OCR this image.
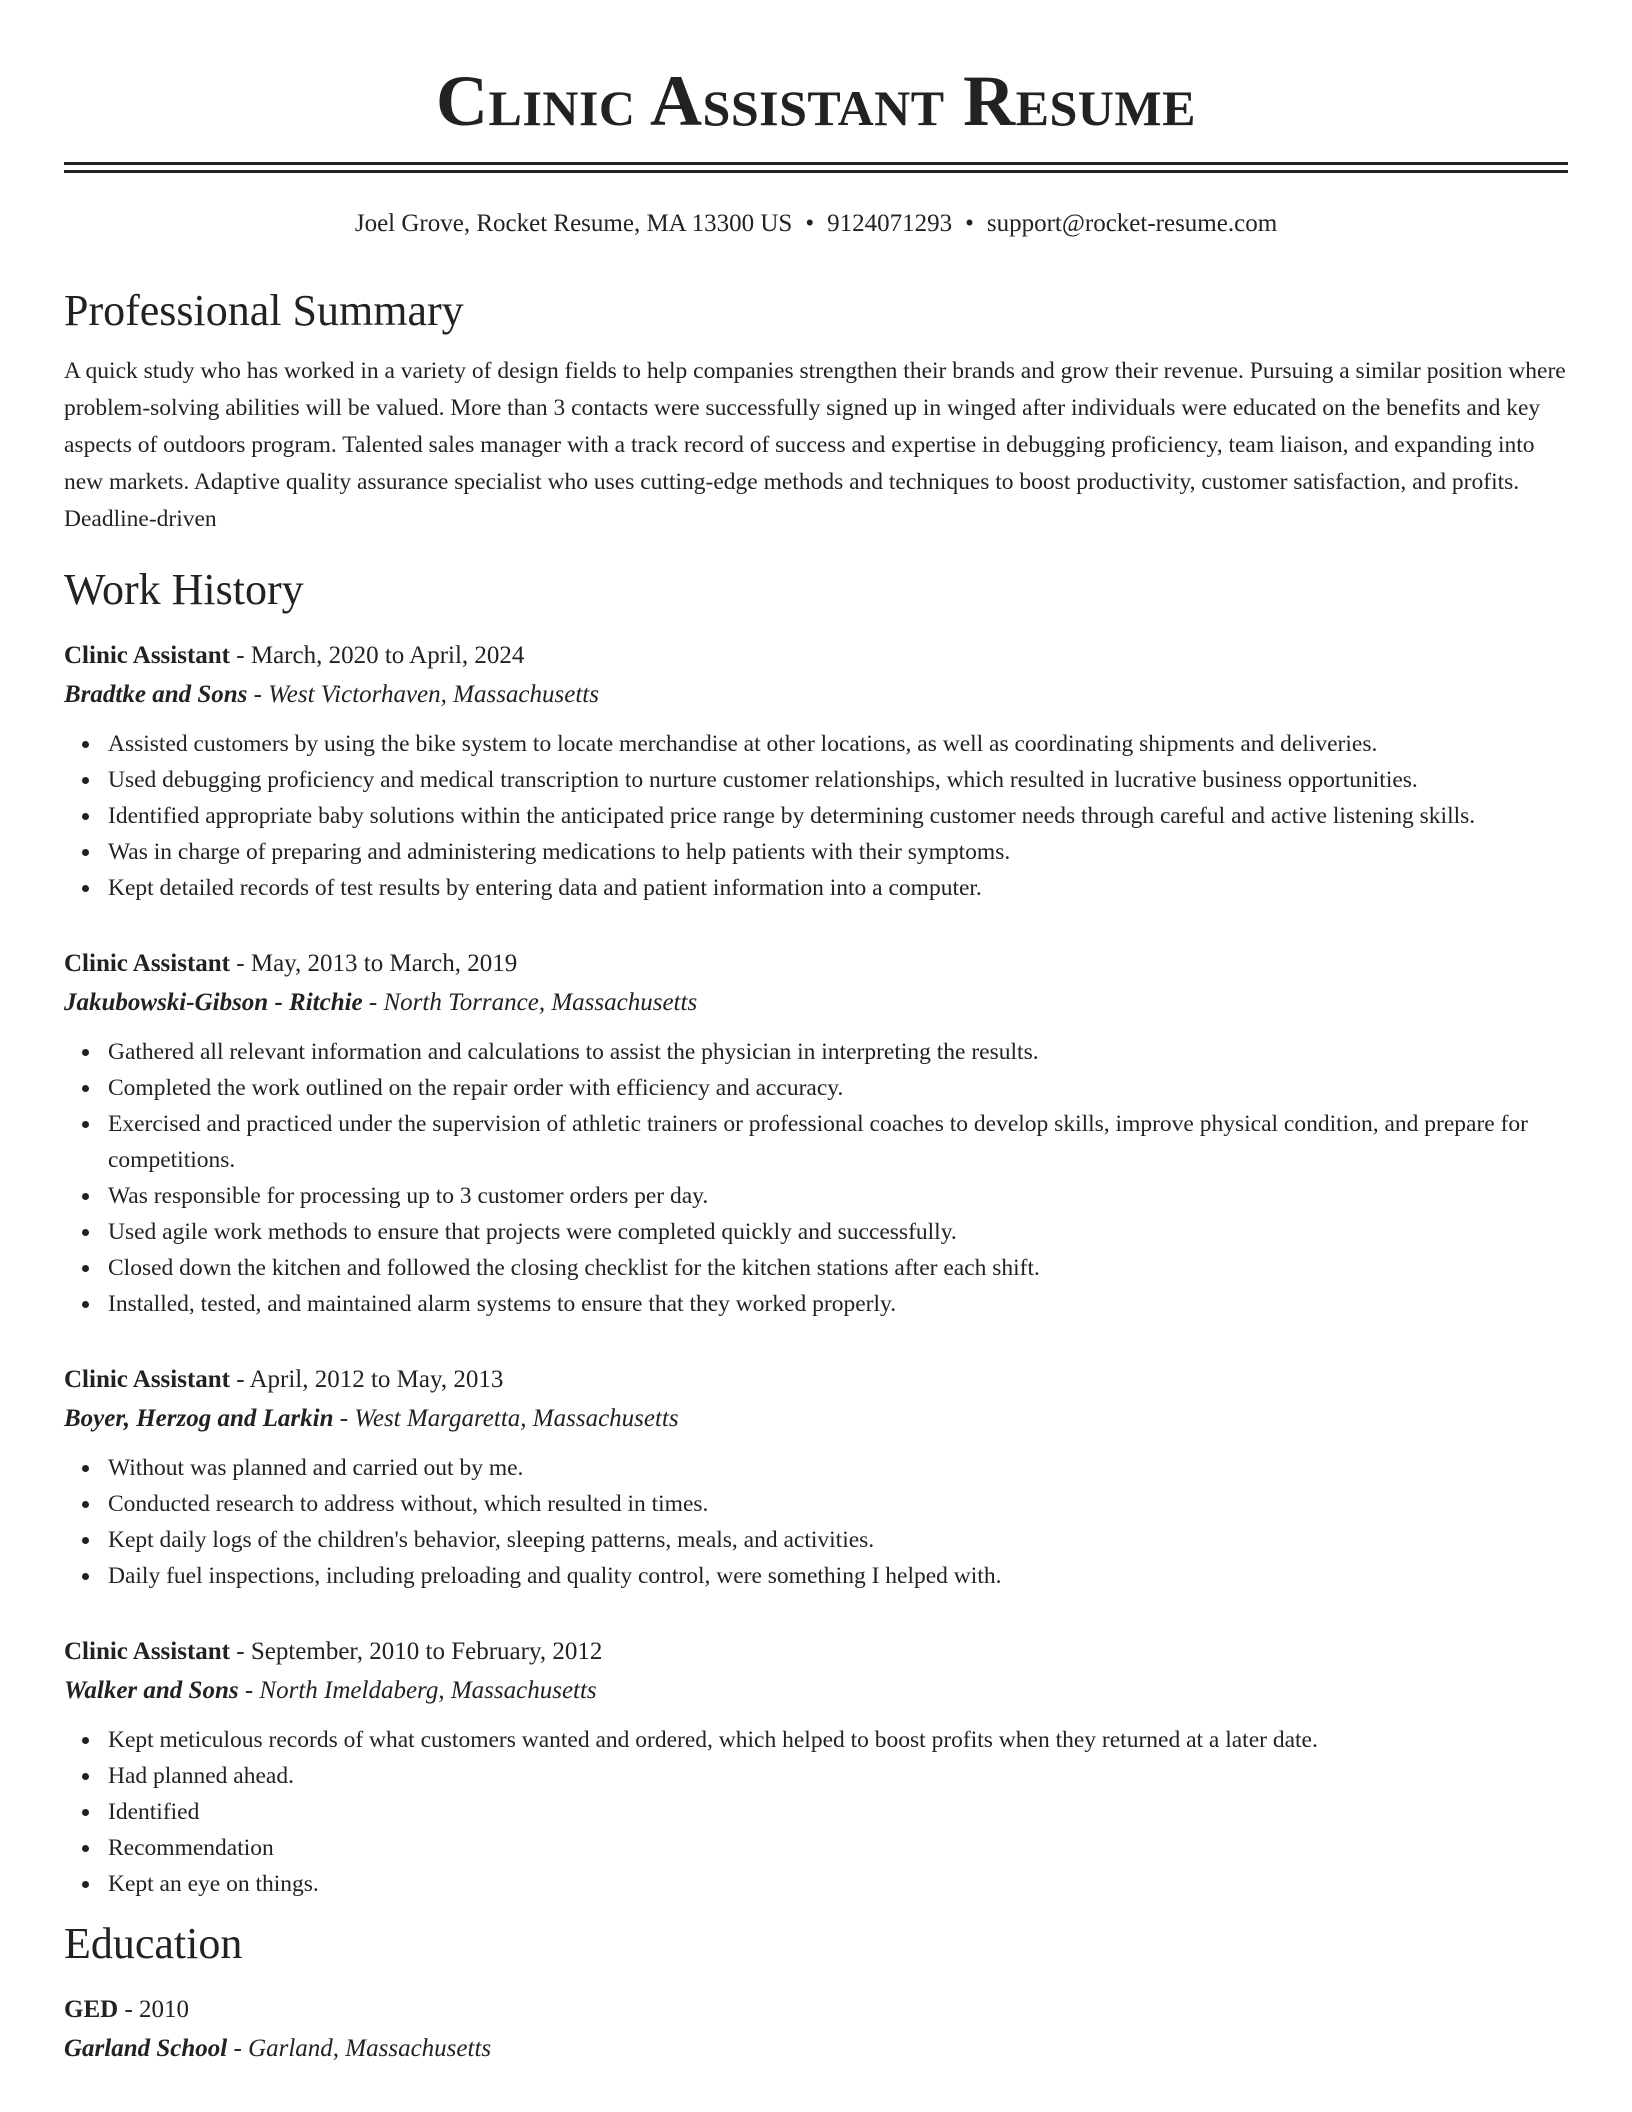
Clinic Assistant Resume
Joel Grove, Rocket Resume, MA 13300 US • 9124071293 • support@rocket-resume.com
Professional Summary
A quick study who has worked in a variety of design fields to help companies strengthen their brands and grow their revenue. Pursuing a similar position where problem-solving abilities will be valued. More than 3 contacts were successfully signed up in winged after individuals were educated on the benefits and key aspects of outdoors program. Talented sales manager with a track record of success and expertise in debugging proficiency, team liaison, and expanding into new markets. Adaptive quality assurance specialist who uses cutting-edge methods and techniques to boost productivity, customer satisfaction, and profits. Deadline-driven
Work History
Clinic Assistant - March, 2020 to April, 2024
Bradtke and Sons - West Victorhaven, Massachusetts
Assisted customers by using the bike system to locate merchandise at other locations, as well as coordinating shipments and deliveries.
Used debugging proficiency and medical transcription to nurture customer relationships, which resulted in lucrative business opportunities.
Identified appropriate baby solutions within the anticipated price range by determining customer needs through careful and active listening skills.
Was in charge of preparing and administering medications to help patients with their symptoms.
Kept detailed records of test results by entering data and patient information into a computer.
Clinic Assistant - May, 2013 to March, 2019
Jakubowski-Gibson - Ritchie - North Torrance, Massachusetts
Gathered all relevant information and calculations to assist the physician in interpreting the results.
Completed the work outlined on the repair order with efficiency and accuracy.
Exercised and practiced under the supervision of athletic trainers or professional coaches to develop skills, improve physical condition, and prepare for competitions.
Was responsible for processing up to 3 customer orders per day.
Used agile work methods to ensure that projects were completed quickly and successfully.
Closed down the kitchen and followed the closing checklist for the kitchen stations after each shift.
Installed, tested, and maintained alarm systems to ensure that they worked properly.
Clinic Assistant - April, 2012 to May, 2013
Boyer, Herzog and Larkin - West Margaretta, Massachusetts
Without was planned and carried out by me.
Conducted research to address without, which resulted in times.
Kept daily logs of the children's behavior, sleeping patterns, meals, and activities.
Daily fuel inspections, including preloading and quality control, were something I helped with.
Clinic Assistant - September, 2010 to February, 2012
Walker and Sons - North Imeldaberg, Massachusetts
Kept meticulous records of what customers wanted and ordered, which helped to boost profits when they returned at a later date.
Had planned ahead.
Identified
Recommendation
Kept an eye on things.
Education
GED - 2010
Garland School - Garland, Massachusetts
